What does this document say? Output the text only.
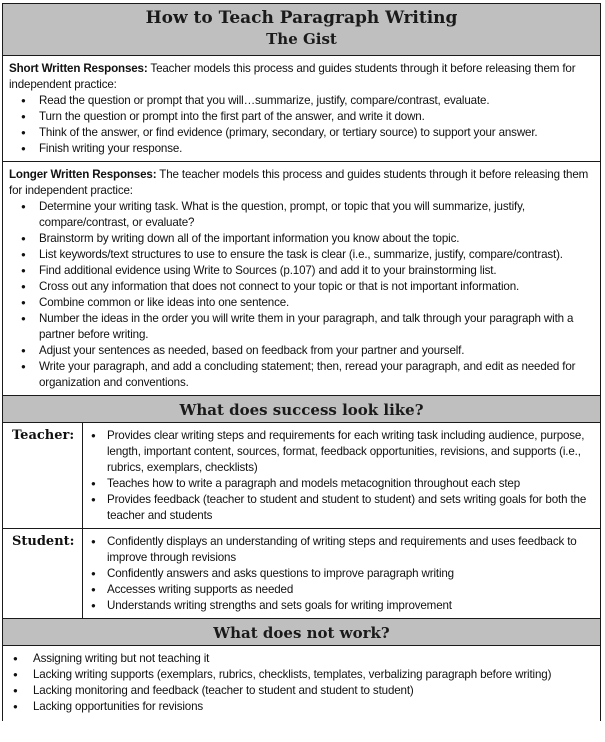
How to Teach Paragraph Writing
The Gist
Short Written Responses: Teacher models this process and guides students through it before releasing them for independent practice:
● Read the question or prompt that you will…summarize, justify, compare/contrast, evaluate.
● Turn the question or prompt into the first part of the answer, and write it down.
● Think of the answer, or find evidence (primary, secondary, or tertiary source) to support your answer.
● Finish writing your response.
Longer Written Responses: The teacher models this process and guides students through it before releasing them for independent practice:
● Determine your writing task. What is the question, prompt, or topic that you will summarize, justify, compare/contrast, or evaluate?
● Brainstorm by writing down all of the important information you know about the topic.
● List keywords/text structures to use to ensure the task is clear (i.e., summarize, justify, compare/contrast).
● Find additional evidence using Write to Sources (p.107) and add it to your brainstorming list.
● Cross out any information that does not connect to your topic or that is not important information.
● Combine common or like ideas into one sentence.
● Number the ideas in the order you will write them in your paragraph, and talk through your paragraph with a partner before writing.
● Adjust your sentences as needed, based on feedback from your partner and yourself.
● Write your paragraph, and add a concluding statement; then, reread your paragraph, and edit as needed for organization and conventions.
What does success look like?
Teacher:	● Provides clear writing steps and requirements for each writing task including audience, purpose, length, important content, sources, format, feedback opportunities, revisions, and supports (i.e., rubrics, exemplars, checklists)
● Teaches how to write a paragraph and models metacognition throughout each step
● Provides feedback (teacher to student and student to student) and sets writing goals for both the teacher and students
Student:	● Confidently displays an understanding of writing steps and requirements and uses feedback to improve through revisions
● Confidently answers and asks questions to improve paragraph writing
● Accesses writing supports as needed
● Understands writing strengths and sets goals for writing improvement
What does not work?
● Assigning writing but not teaching it
● Lacking writing supports (exemplars, rubrics, checklists, templates, verbalizing paragraph before writing)
● Lacking monitoring and feedback (teacher to student and student to student)
● Lacking opportunities for revisions
